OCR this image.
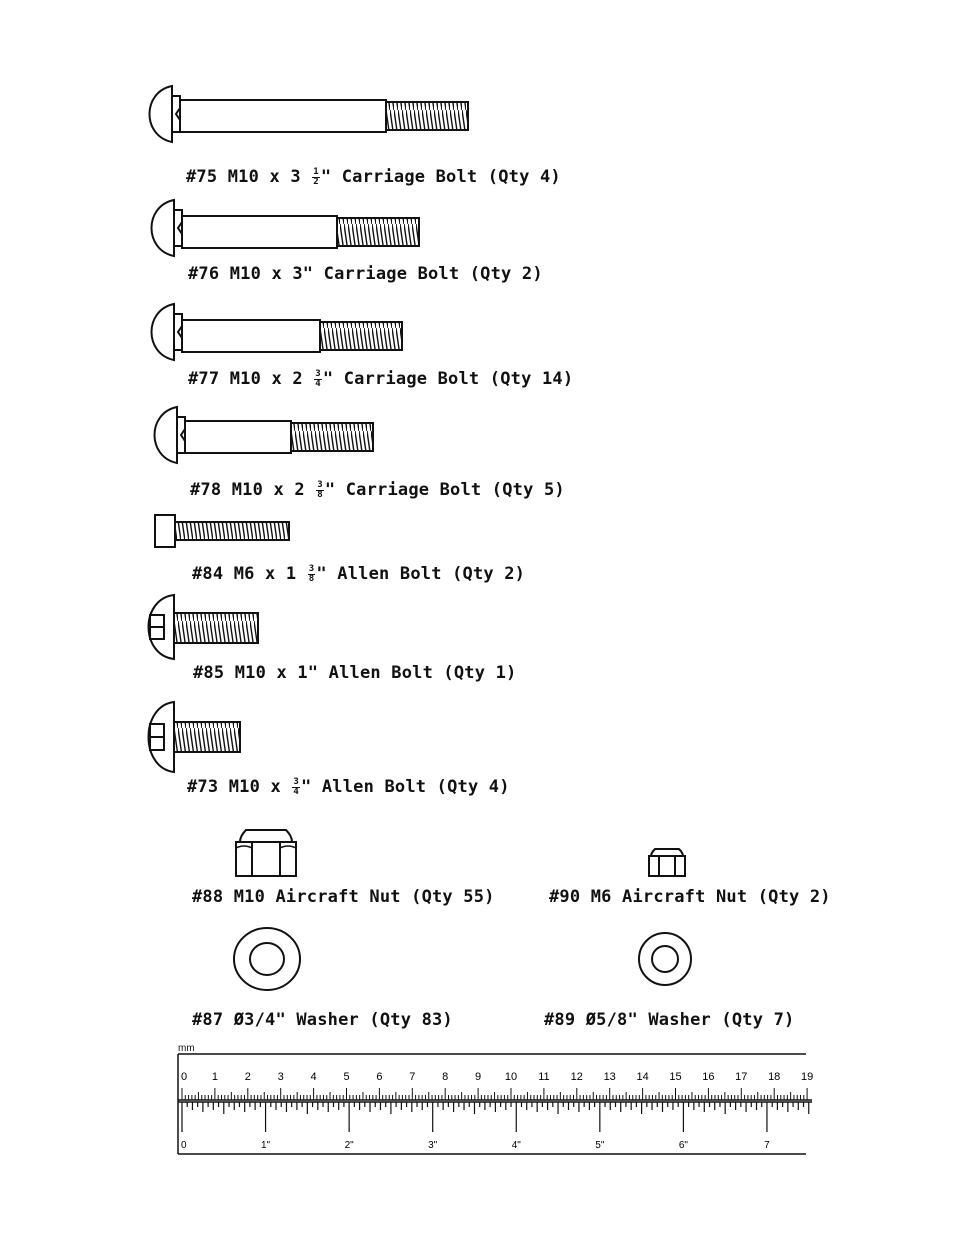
#75 M10 x $3 \frac{1}{2}$ " Carriage Bolt (Qty 4)
#76 M10 x 3" Carriage Bolt (Qty 2)
#77 M10 x $2 \frac{3}{4}$ " Carriage Bolt (Qty 14)
#78 M10 x $2 \frac{3}{8}$ " Carriage Bolt (Qty 5)
#84 M6 x $1 \frac{3}{8}$ " Allen Bolt (Qty 2)
#85 M10 x 1" Allen Bolt (Qty 1)
#73 M10 x $\frac{3}{4}$ " Allen Bolt (Qty 4)
#88 M10 Aircraft Nut (Qty 55)	#90 M6 Aircraft Nut (Qty 2)
#87 Ø3/4" Washer (Qty 83)	#89 Ø5/8" Washer (Qty 7)
mm
0 1 2 3 4 5 6 7 8 9 10 11 12 13 14 15 16 17 18 19
0	1"	2"	3"	4"	5"	6"	7
